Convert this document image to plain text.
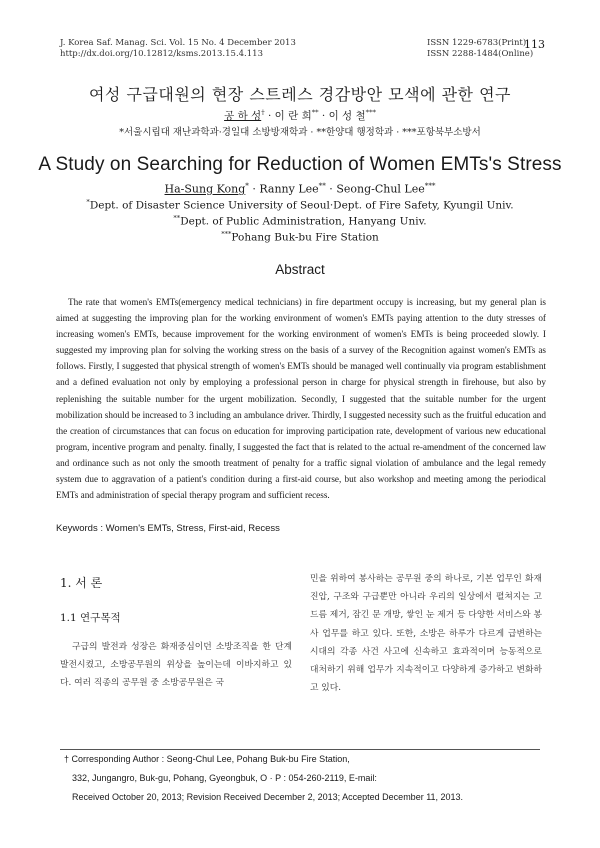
J. Korea Saf. Manag. Sci. Vol. 15 No. 4 December 2013
http://dx.doi.org/10.12812/ksms.2013.15.4.113
ISSN 1229-6783(Print)
ISSN 2288-1484(Online)
113
여성 구급대원의 현장 스트레스 경감방안 모색에 관한 연구
공 하 성† · 이 란 희** · 이 성 철***
*서울시립대 재난과학과·경일대 소방방재학과 · **한양대 행정학과 · ***포항북부소방서
A Study on Searching for Reduction of Women EMTs's Stress
Ha-Sung Kong* · Ranny Lee** · Seong-Chul Lee***
*Dept. of Disaster Science University of Seoul·Dept. of Fire Safety, Kyungil Univ.
**Dept. of Public Administration, Hanyang Univ.
***Pohang Buk-bu Fire Station
Abstract
The rate that women's EMTs(emergency medical technicians) in fire department occupy is increasing, but my general plan is aimed at suggesting the improving plan for the working environment of women's EMTs paying attention to the duty stresses of increasing women's EMTs, because improvement for the working environment of women's EMTs is being proceeded slowly. I suggested my improving plan for solving the working stress on the basis of a survey of the Recognition against women's EMTs as follows. Firstly, I suggested that physical strength of women's EMTs should be managed well continually via program establishment and a defined evaluation not only by employing a professional person in charge for physical strength in firehouse, but also by replenishing the suitable number for the urgent mobilization. Secondly, I suggested that the suitable number for the urgent mobilization should be increased to 3 including an ambulance driver. Thirdly, I suggested necessity such as the fruitful education and the creation of circumstances that can focus on education for improving participation rate, development of various new educational program, incentive program and penalty. finally, I suggested the fact that is related to the actual re-amendment of the concerned law and ordinance such as not only the smooth treatment of penalty for a traffic signal violation of ambulance and the legal remedy system due to aggravation of a patient's condition during a first-aid course, but also workshop and meeting among the periodical EMTs and administration of special therapy program and sufficient recess.
Keywords : Women's EMTs, Stress, First-aid, Recess
1. 서 론
1.1 연구목적
구급의 발전과 성장은 화재중심이던 소방조직을 한 단계 발전시켰고, 소방공무원의 위상을 높이는데 이바지하고 있다. 여러 직종의 공무원 중 소방공무원은 국
민을 위하여 봉사하는 공무원 중의 하나로, 기본 업무인 화재진압, 구조와 구급뿐만 아니라 우리의 일상에서 펼쳐지는 고드름 제거, 잠긴 문 개방, 쌓인 눈 제거 등 다양한 서비스와 봉사 업무를 하고 있다. 또한, 소방은 하루가 다르게 급변하는 시대의 각종 사건 사고에 신속하고 효과적이며 능동적으로 대처하기 위해 업무가 지속적이고 다양하게 증가하고 변화하고 있다.
† Corresponding Author : Seong-Chul Lee, Pohang Buk-bu Fire Station,
332, Jungangro, Buk-gu, Pohang, Gyeongbuk, O · P : 054-260-2119, E-mail:
Received October 20, 2013; Revision Received December 2, 2013; Accepted December 11, 2013.
